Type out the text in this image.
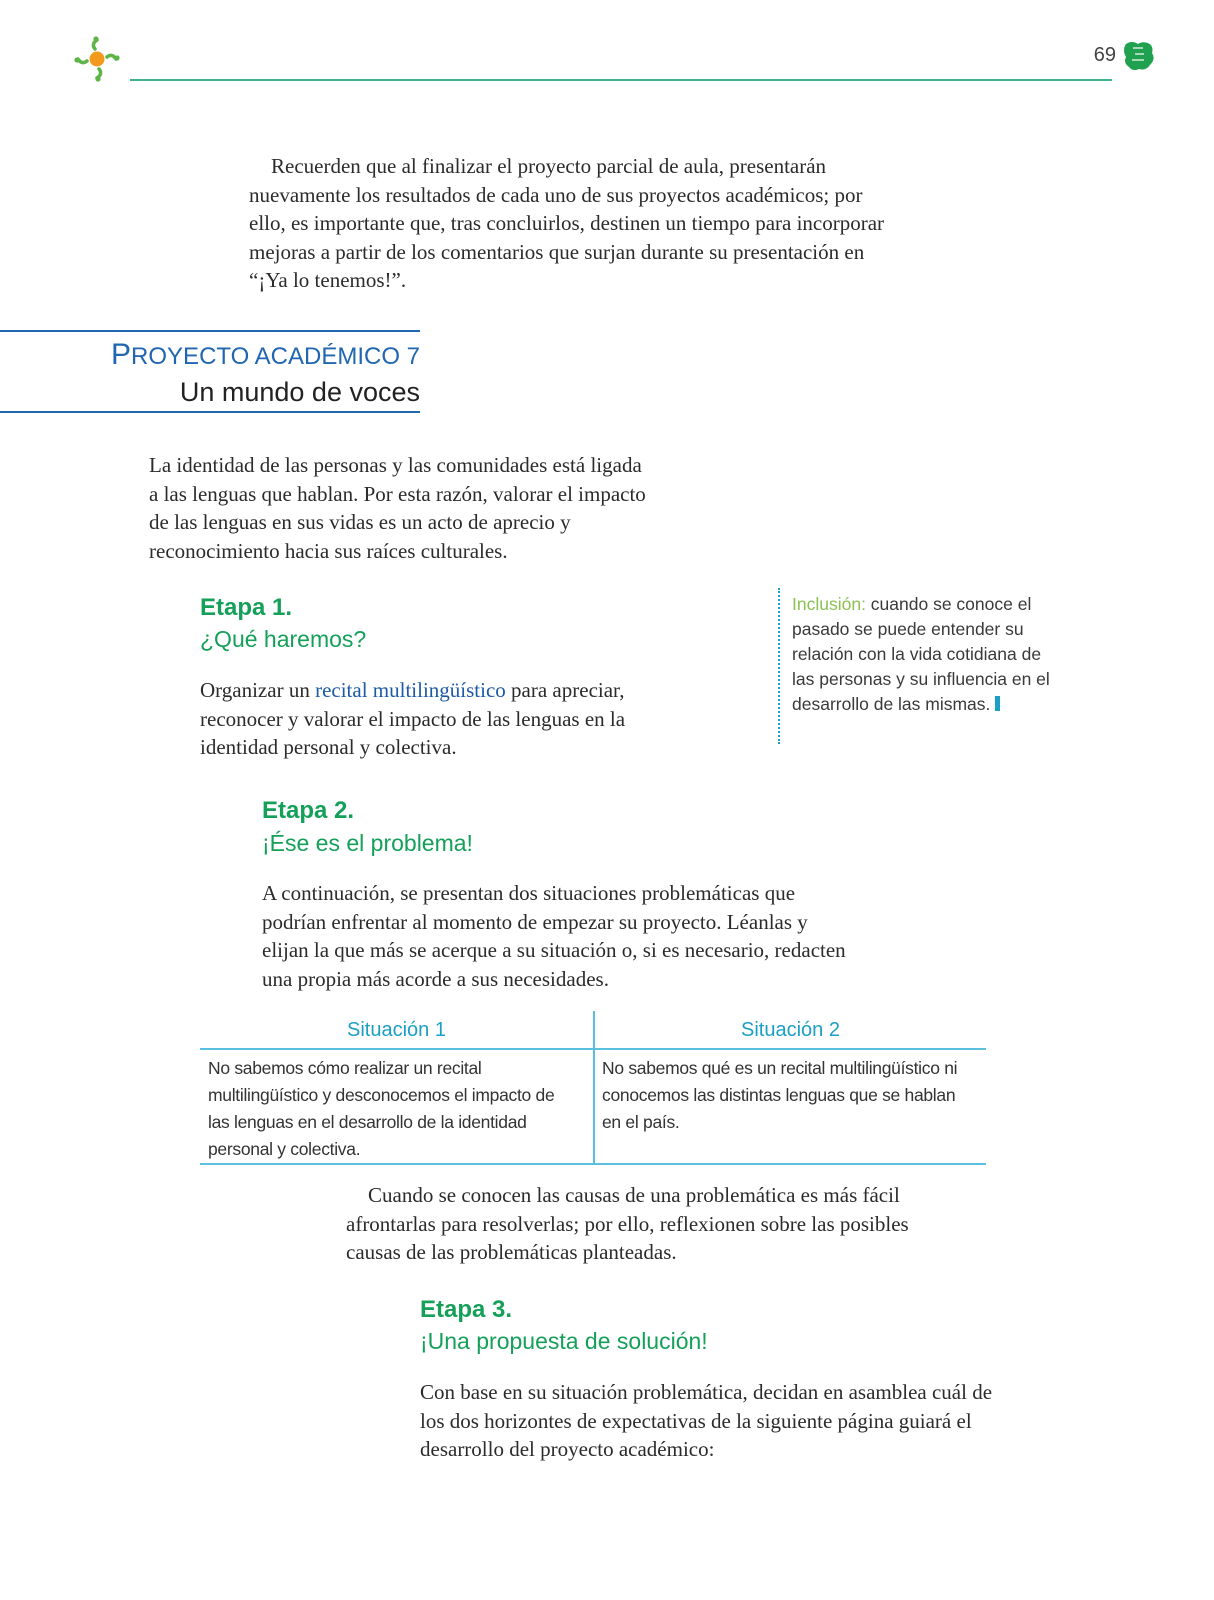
69

Recuerden que al finalizar el proyecto parcial de aula, presentarán nuevamente los resultados de cada uno de sus proyectos académicos; por ello, es importante que, tras concluirlos, destinen un tiempo para incorporar mejoras a partir de los comentarios que surjan durante su presentación en “¡Ya lo tenemos!”.

PROYECTO ACADÉMICO 7
Un mundo de voces

La identidad de las personas y las comunidades está ligada a las lenguas que hablan. Por esta razón, valorar el impacto de las lenguas en sus vidas es un acto de aprecio y reconocimiento hacia sus raíces culturales.

Etapa 1.
¿Qué haremos?

Organizar un recital multilingüístico para apreciar, reconocer y valorar el impacto de las lenguas en la identidad personal y colectiva.

Inclusión: cuando se conoce el pasado se puede entender su relación con la vida cotidiana de las personas y su influencia en el desarrollo de las mismas.

Etapa 2.
¡Ése es el problema!

A continuación, se presentan dos situaciones problemáticas que podrían enfrentar al momento de empezar su proyecto. Léanlas y elijan la que más se acerque a su situación o, si es necesario, redacten una propia más acorde a sus necesidades.

Situación 1	Situación 2
No sabemos cómo realizar un recital multilingüístico y desconocemos el impacto de las lenguas en el desarrollo de la identidad personal y colectiva.
No sabemos qué es un recital multilingüístico ni conocemos las distintas lenguas que se hablan en el país.

Cuando se conocen las causas de una problemática es más fácil afrontarlas para resolverlas; por ello, reflexionen sobre las posibles causas de las problemáticas planteadas.

Etapa 3.
¡Una propuesta de solución!

Con base en su situación problemática, decidan en asamblea cuál de los dos horizontes de expectativas de la siguiente página guiará el desarrollo del proyecto académico:
